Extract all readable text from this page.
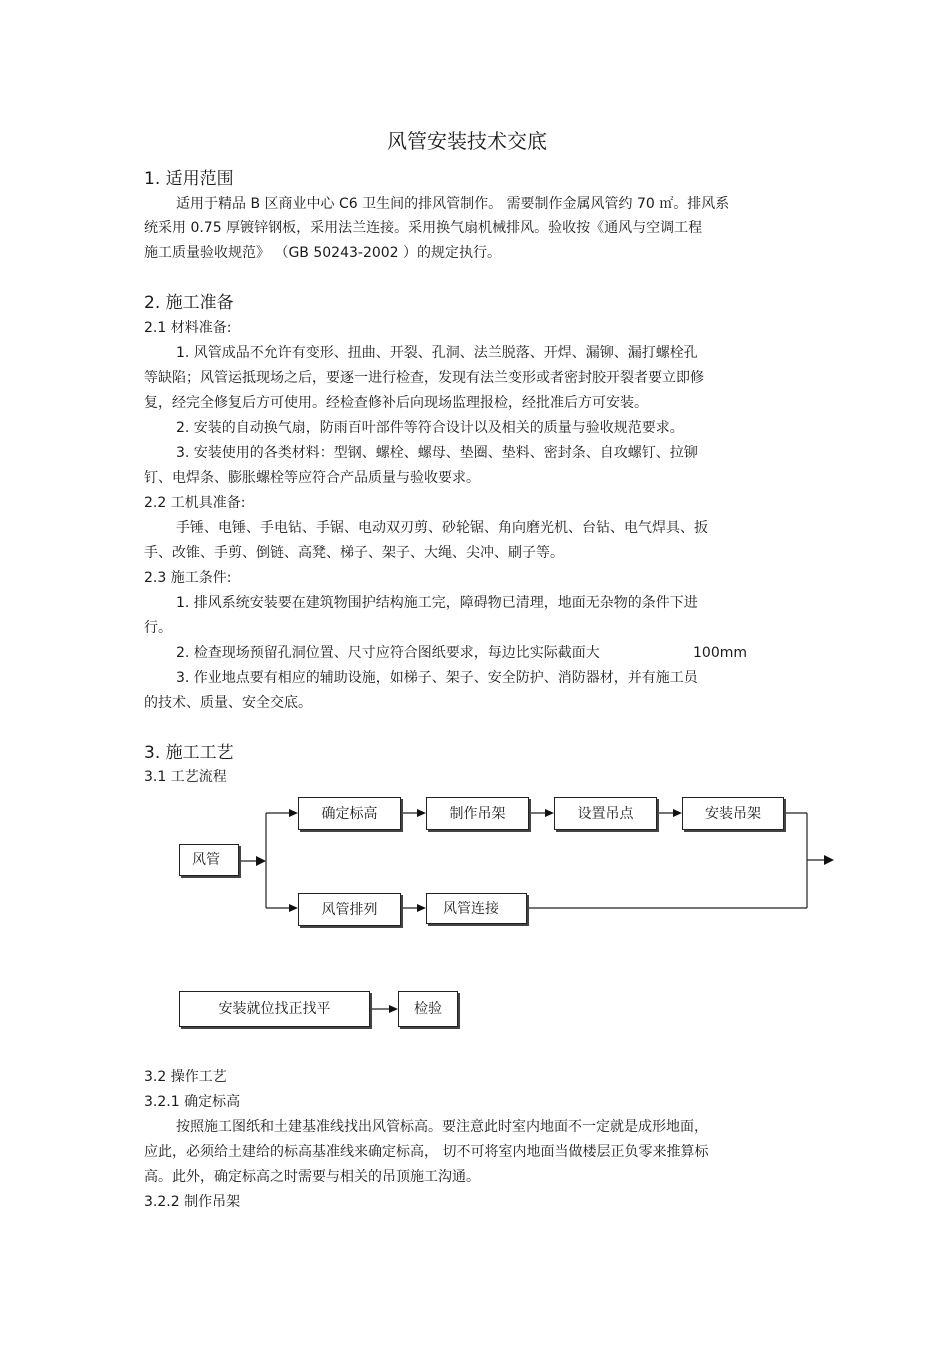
风管安装技术交底
1. 适用范围
适用于精品 B 区商业中心 C6 卫生间的排风管制作。 需要制作金属风管约 70 ㎡。排风系
统采用 0.75 厚镀锌钢板，采用法兰连接。采用换气扇机械排风。验收按《通风与空调工程
施工质量验收规范》 （GB 50243-2002 ）的规定执行。
2. 施工准备
2.1 材料准备:
1. 风管成品不允许有变形、扭曲、开裂、孔洞、法兰脱落、开焊、漏铆、漏打螺栓孔
等缺陷；风管运抵现场之后，要逐一进行检查，发现有法兰变形或者密封胶开裂者要立即修
复，经完全修复后方可使用。经检查修补后向现场监理报检，经批准后方可安装。
2. 安装的自动换气扇，防雨百叶部件等符合设计以及相关的质量与验收规范要求。
3. 安装使用的各类材料：型钢、螺栓、螺母、垫圈、垫料、密封条、自攻螺钉、拉铆
钉、电焊条、膨胀螺栓等应符合产品质量与验收要求。
2.2 工机具准备:
手锤、电锤、手电钻、手锯、电动双刃剪、砂轮锯、角向磨光机、台钻、电气焊具、扳
手、改锥、手剪、倒链、高凳、梯子、架子、大绳、尖冲、刷子等。
2.3 施工条件:
1. 排风系统安装要在建筑物围护结构施工完，障碍物已清理，地面无杂物的条件下进
行。
2. 检查现场预留孔洞位置、尺寸应符合图纸要求，每边比实际截面大	100mm
3. 作业地点要有相应的辅助设施，如梯子、架子、安全防护、消防器材，并有施工员
的技术、质量、安全交底。
3. 施工工艺
3.1 工艺流程
风管
确定标高	制作吊架	设置吊点	安装吊架
风管排列	风管连接
安装就位找正找平	检验
3.2 操作工艺
3.2.1 确定标高
按照施工图纸和土建基准线找出风管标高。要注意此时室内地面不一定就是成形地面，
应此，必须给土建给的标高基准线来确定标高， 切不可将室内地面当做楼层正负零来推算标
高。此外，确定标高之时需要与相关的吊顶施工沟通。
3.2.2 制作吊架
